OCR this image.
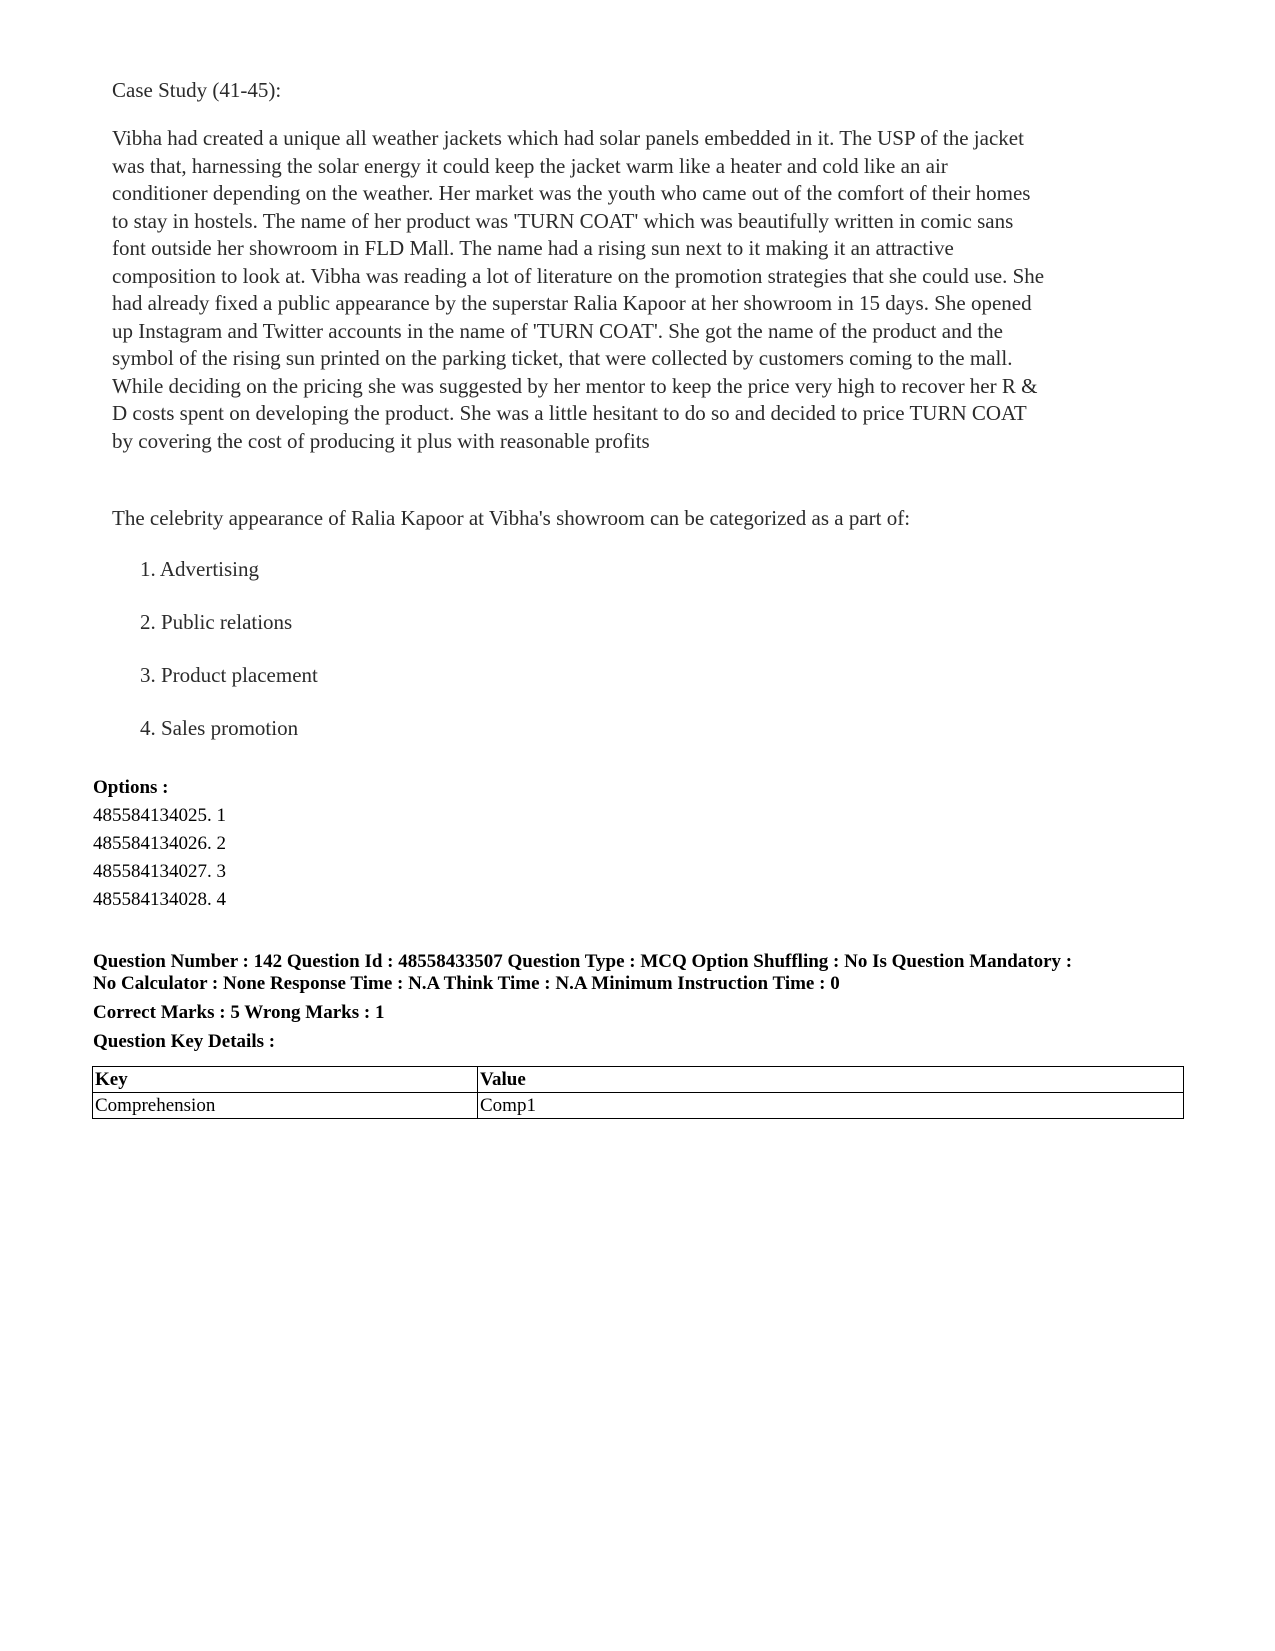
Case Study (41-45):

Vibha had created a unique all weather jackets which had solar panels embedded in it. The USP of the jacket
was that, harnessing the solar energy it could keep the jacket warm like a heater and cold like an air
conditioner depending on the weather. Her market was the youth who came out of the comfort of their homes
to stay in hostels. The name of her product was 'TURN COAT' which was beautifully written in comic sans
font outside her showroom in FLD Mall. The name had a rising sun next to it making it an attractive
composition to look at. Vibha was reading a lot of literature on the promotion strategies that she could use. She
had already fixed a public appearance by the superstar Ralia Kapoor at her showroom in 15 days. She opened
up Instagram and Twitter accounts in the name of 'TURN COAT'. She got the name of the product and the
symbol of the rising sun printed on the parking ticket, that were collected by customers coming to the mall.
While deciding on the pricing she was suggested by her mentor to keep the price very high to recover her R &
D costs spent on developing the product. She was a little hesitant to do so and decided to price TURN COAT
by covering the cost of producing it plus with reasonable profits

The celebrity appearance of Ralia Kapoor at Vibha's showroom can be categorized as a part of:
1. Advertising
2. Public relations
3. Product placement
4. Sales promotion
Options :
485584134025. 1
485584134026. 2
485584134027. 3
485584134028. 4
Question Number : 142 Question Id : 48558433507 Question Type : MCQ Option Shuffling : No Is Question Mandatory :
No Calculator : None Response Time : N.A Think Time : N.A Minimum Instruction Time : 0
Correct Marks : 5 Wrong Marks : 1
Question Key Details :
Key	Value
Comprehension	Comp1
